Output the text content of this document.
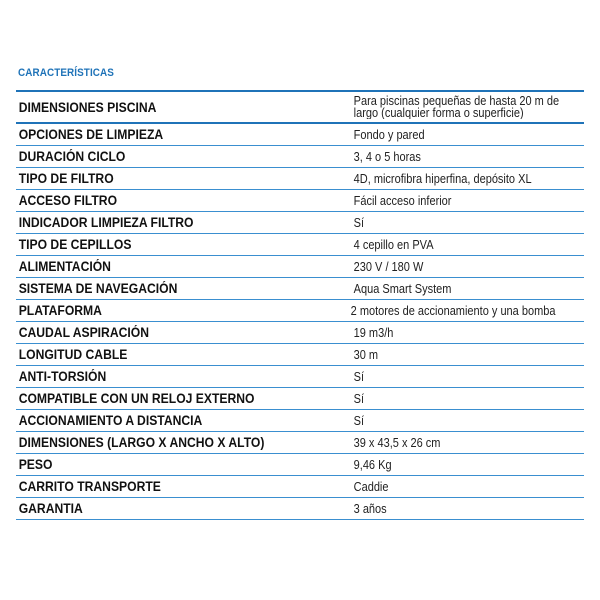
CARACTERÍSTICAS
DIMENSIONES PISCINA	Para piscinas pequeñas de hasta 20 m de largo (cualquier forma o superficie)
OPCIONES DE LIMPIEZA	Fondo y pared
DURACIÓN CICLO	3, 4 o 5 horas
TIPO DE FILTRO	4D, microfibra hiperfina, depósito XL
ACCESO FILTRO	Fácil acceso inferior
INDICADOR LIMPIEZA FILTRO	Sí
TIPO DE CEPILLOS	4 cepillo en PVA
ALIMENTACIÓN	230 V / 180 W
SISTEMA DE NAVEGACIÓN	Aqua Smart System
PLATAFORMA	2 motores de accionamiento y una bomba
CAUDAL ASPIRACIÓN	19 m3/h
LONGITUD CABLE	30 m
ANTI-TORSIÓN	Sí
COMPATIBLE CON UN RELOJ EXTERNO	Sí
ACCIONAMIENTO A DISTANCIA	Sí
DIMENSIONES (LARGO X ANCHO X ALTO)	39 x 43,5 x 26 cm
PESO	9,46 Kg
CARRITO TRANSPORTE	Caddie
GARANTIA	3 años
